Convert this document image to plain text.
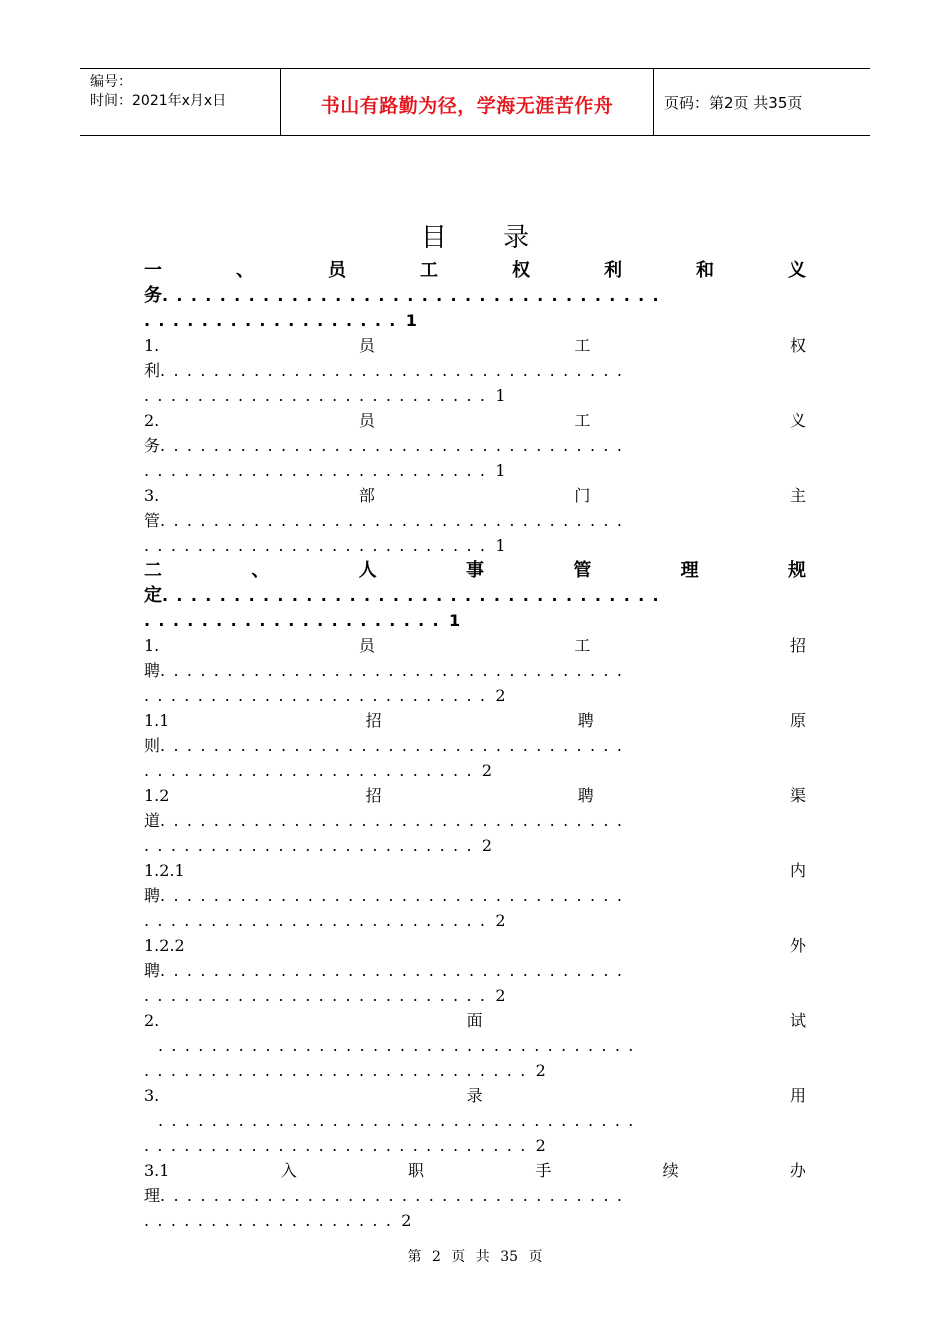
编号：
时间：2021年x月x日	书山有路勤为径，学海无涯苦作舟	页码：第2页 共35页
目 录
一	、	员	工	权	利	和	义
务...................................
.................. 1
1.	员	工	权
利...................................
.......................... 1
2.	员	工	义
务...................................
.......................... 1
3.	部	门	主
管...................................
.......................... 1
二	、	人	事	管	理	规
定...................................
..................... 1
1.	员	工	招
聘...................................
.......................... 2
1.1	招	聘	原
则...................................
......................... 2
1.2	招	聘	渠
道...................................
......................... 2
1.2.1	内
聘...................................
.......................... 2
1.2.2	外
聘...................................
.......................... 2
2.	面	试
....................................
............................. 2
3.	录	用
....................................
............................. 2
3.1	入	职	手	续	办
理...................................
................... 2
第 2 页 共 35 页
